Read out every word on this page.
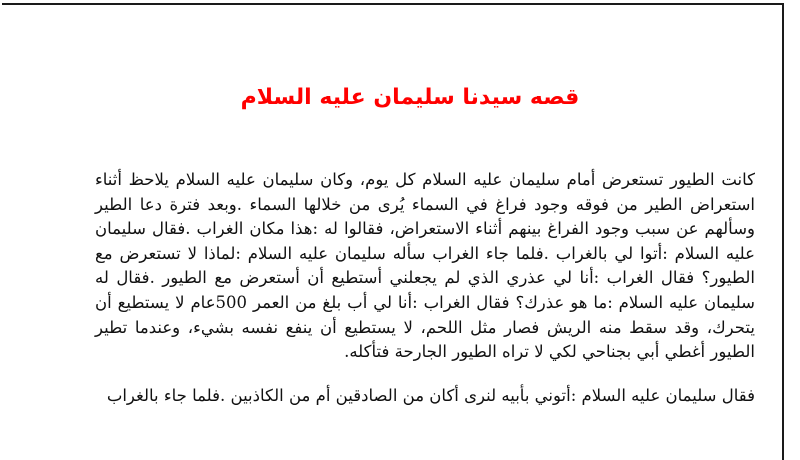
قصه سيدنا سليمان عليه السلام

كانت الطيور تستعرض أمام سليمان عليه السلام كل يوم، وكان سليمان عليه السلام يلاحظ أثناء استعراض الطير من فوقه وجود فراغ في السماء يُرى من خلالها السماء .وبعد فترة دعا الطير وسألهم عن سبب وجود الفراغ بينهم أثناء الاستعراض، فقالوا له :هذا مكان الغراب .فقال سليمان عليه السلام :أتوا لي بالغراب .فلما جاء الغراب سأله سليمان عليه السلام :لماذا لا تستعرض مع الطيور؟ فقال الغراب :أنا لي عذري الذي لم يجعلني أستطيع أن أستعرض مع الطيور .فقال له سليمان عليه السلام :ما هو عذرك؟ فقال الغراب :أنا لي أب بلغ من العمر 500عام لا يستطيع أن يتحرك، وقد سقط منه الريش فصار مثل اللحم، لا يستطيع أن ينفع نفسه بشيء، وعندما تطير الطيور أغطي أبي بجناحي لكي لا تراه الطيور الجارحة فتأكله.

فقال سليمان عليه السلام :أتوني بأبيه لنرى أكان من الصادقين أم من الكاذبين .فلما جاء بالغراب
